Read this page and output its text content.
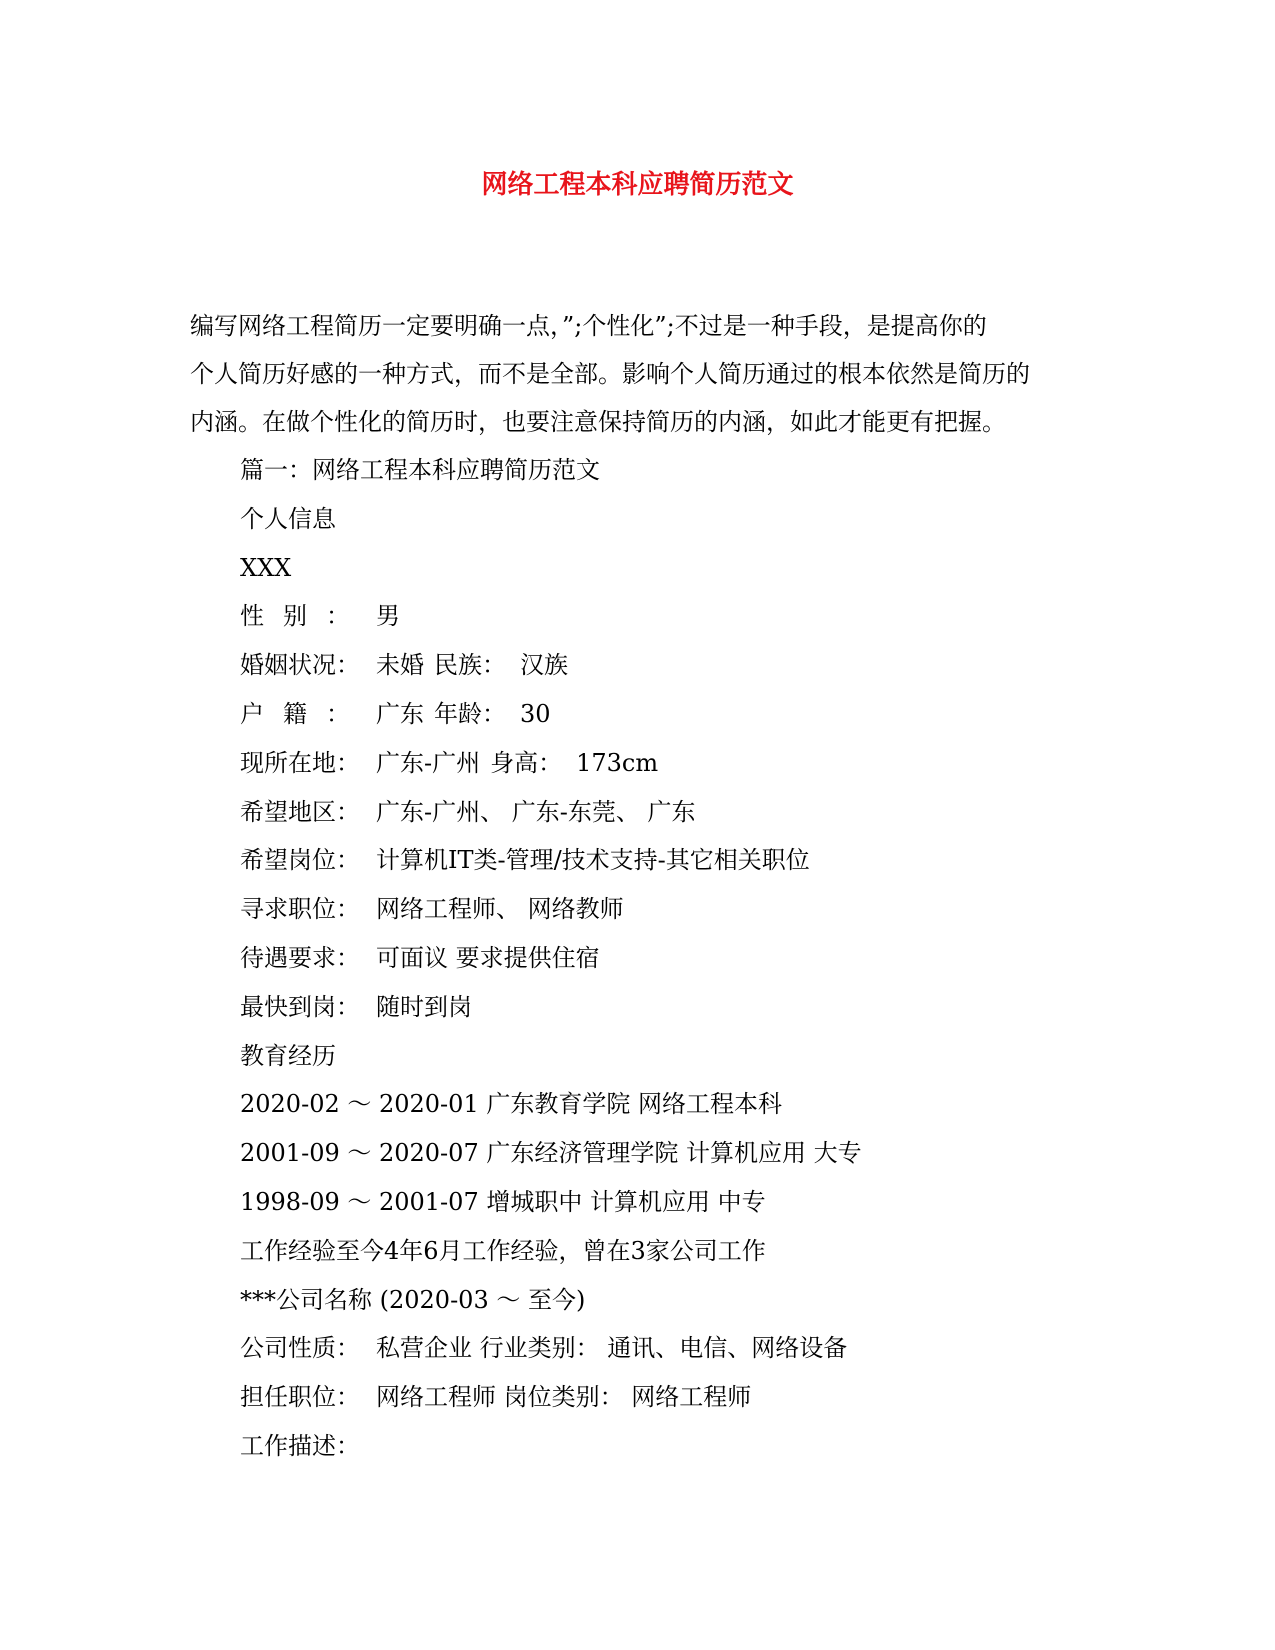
网络工程本科应聘简历范文
编写网络工程简历一定要明确一点，”;个性化”;不过是一种手段，是提高你的
个人简历好感的一种方式，而不是全部。影响个人简历通过的根本依然是简历的
内涵。在做个性化的简历时，也要注意保持简历的内涵，如此才能更有把握。
篇一：网络工程本科应聘简历范文
个人信息
XXX
性别： 男
婚姻状况： 未婚 民族： 汉族
户籍： 广东 年龄： 30
现所在地： 广东-广州 身高： 173cm
希望地区： 广东-广州、 广东-东莞、 广东
希望岗位： 计算机IT类-管理/技术支持-其它相关职位
寻求职位： 网络工程师、 网络教师
待遇要求： 可面议 要求提供住宿
最快到岗： 随时到岗
教育经历
2020-02 ～ 2020-01 广东教育学院 网络工程本科
2001-09 ～ 2020-07 广东经济管理学院 计算机应用 大专
1998-09 ～ 2001-07 增城职中 计算机应用 中专
工作经验至今4年6月工作经验，曾在3家公司工作
***公司名称 (2020-03 ～ 至今)
公司性质： 私营企业 行业类别： 通讯、电信、网络设备
担任职位： 网络工程师 岗位类别： 网络工程师
工作描述：
